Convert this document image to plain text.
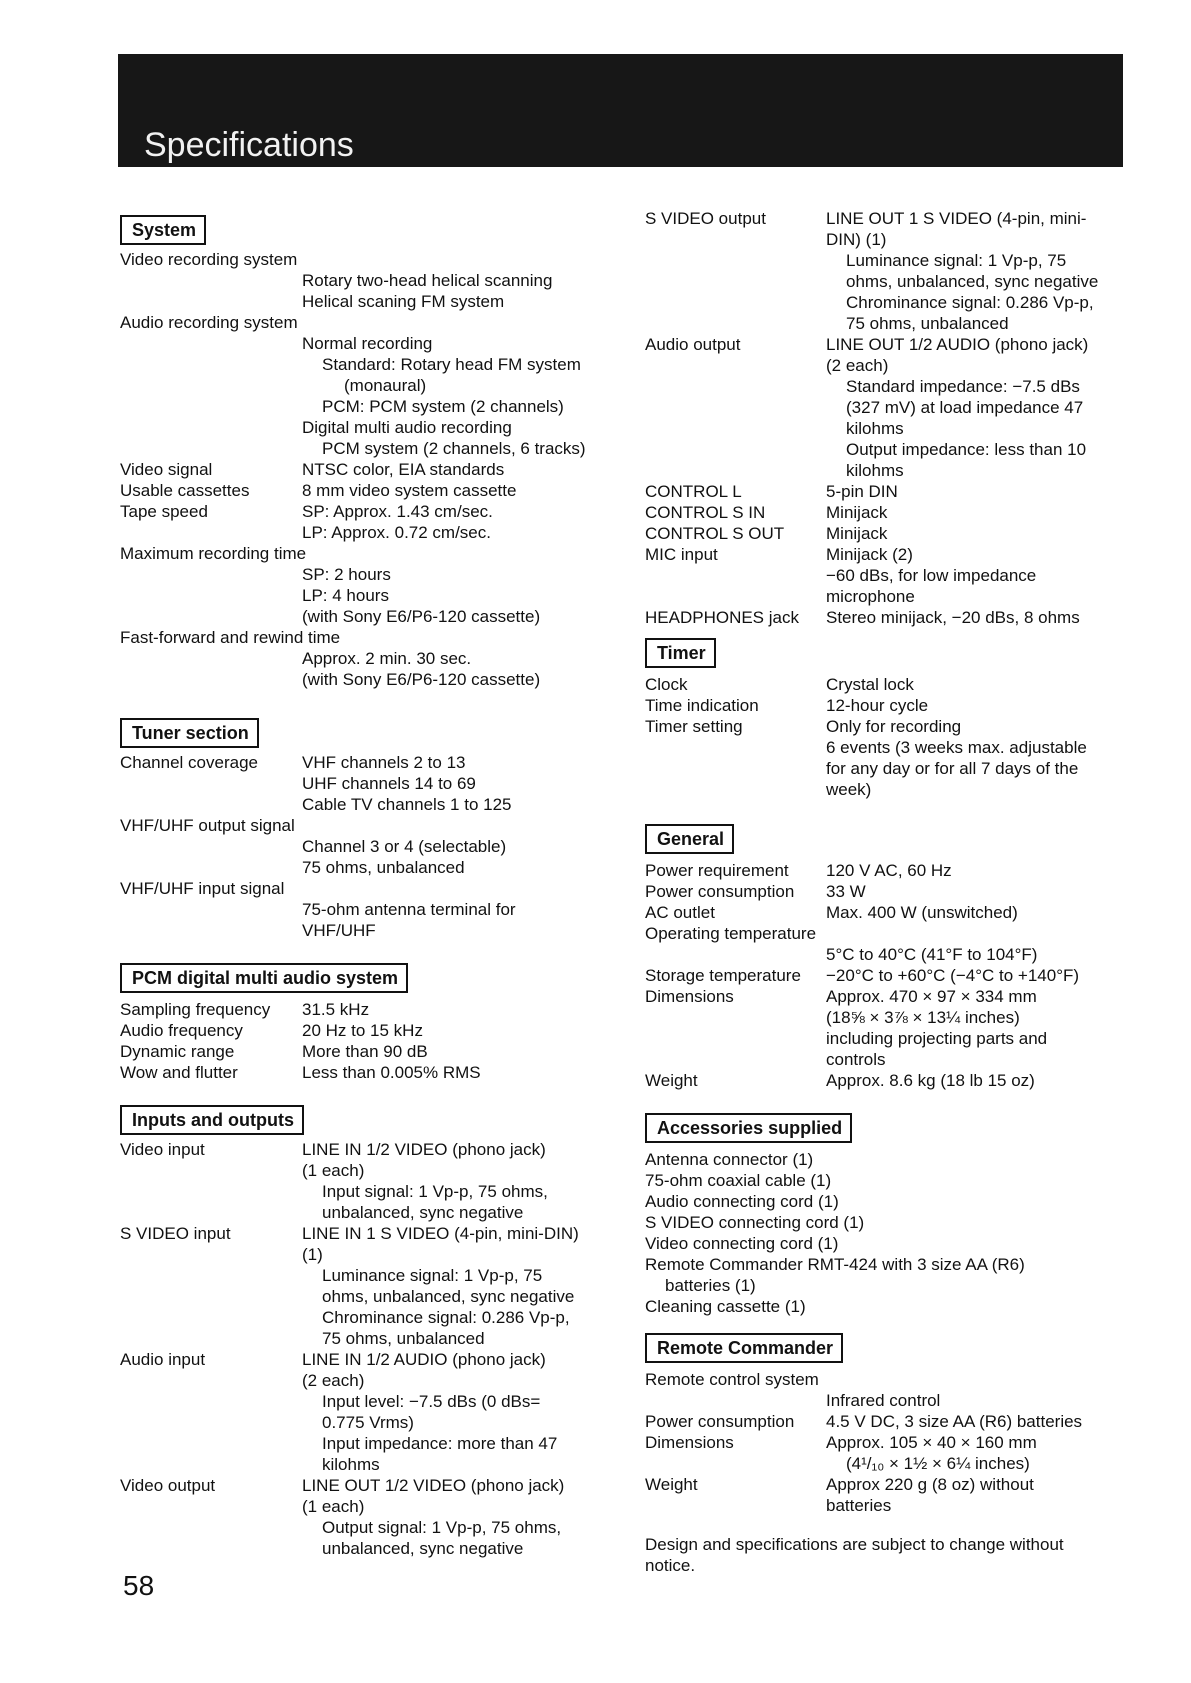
Specifications
System
Video recording system
Rotary two-head helical scanning
Helical scaning FM system
Audio recording system
Normal recording
Standard: Rotary head FM system
(monaural)
PCM: PCM system (2 channels)
Digital multi audio recording
PCM system (2 channels, 6 tracks)
Video signal	NTSC color, EIA standards
Usable cassettes	8 mm video system cassette
Tape speed	SP: Approx. 1.43 cm/sec.
LP: Approx. 0.72 cm/sec.
Maximum recording time
SP: 2 hours
LP: 4 hours
(with Sony E6/P6-120 cassette)
Fast-forward and rewind time
Approx. 2 min. 30 sec.
(with Sony E6/P6-120 cassette)
Tuner section
Channel coverage	VHF channels 2 to 13
UHF channels 14 to 69
Cable TV channels 1 to 125
VHF/UHF output signal
Channel 3 or 4 (selectable)
75 ohms, unbalanced
VHF/UHF input signal
75-ohm antenna terminal for
VHF/UHF
PCM digital multi audio system
Sampling frequency 31.5 kHz
Audio frequency	20 Hz to 15 kHz
Dynamic range	More than 90 dB
Wow and flutter	Less than 0.005% RMS
Inputs and outputs
Video input	LINE IN 1/2 VIDEO (phono jack)
(1 each)
Input signal: 1 Vp-p, 75 ohms,
unbalanced, sync negative
S VIDEO input	LINE IN 1 S VIDEO (4-pin, mini-DIN)
(1)
Luminance signal: 1 Vp-p, 75
ohms, unbalanced, sync negative
Chrominance signal: 0.286 Vp-p,
75 ohms, unbalanced
Audio input	LINE IN 1/2 AUDIO (phono jack)
(2 each)
Input level: −7.5 dBs (0 dBs=
0.775 Vrms)
Input impedance: more than 47
kilohms
Video output	LINE OUT 1/2 VIDEO (phono jack)
(1 each)
Output signal: 1 Vp-p, 75 ohms,
unbalanced, sync negative
58
S VIDEO output	LINE OUT 1 S VIDEO (4-pin, mini-
DIN) (1)
Luminance signal: 1 Vp-p, 75
ohms, unbalanced, sync negative
Chrominance signal: 0.286 Vp-p,
75 ohms, unbalanced
Audio output	LINE OUT 1/2 AUDIO (phono jack)
(2 each)
Standard impedance: −7.5 dBs
(327 mV) at load impedance 47
kilohms
Output impedance: less than 10
kilohms
CONTROL L	5-pin DIN
CONTROL S IN	Minijack
CONTROL S OUT Minijack
MIC input	Minijack (2)
−60 dBs, for low impedance
microphone
HEADPHONES jack Stereo minijack, −20 dBs, 8 ohms
Timer
Clock	Crystal lock
Time indication	12-hour cycle
Timer setting	Only for recording
6 events (3 weeks max. adjustable
for any day or for all 7 days of the
week)
General
Power requirement 120 V AC, 60 Hz
Power consumption 33 W
AC outlet	Max. 400 W (unswitched)
Operating temperature
5°C to 40°C (41°F to 104°F)
Storage temperature −20°C to +60°C (−4°C to +140°F)
Dimensions	Approx. 470 × 97 × 334 mm
(18⅝ × 3⅞ × 13¼ inches)
including projecting parts and
controls
Weight	Approx. 8.6 kg (18 lb 15 oz)
Accessories supplied
Antenna connector (1)
75-ohm coaxial cable (1)
Audio connecting cord (1)
S VIDEO connecting cord (1)
Video connecting cord (1)
Remote Commander RMT-424 with 3 size AA (R6)
batteries (1)
Cleaning cassette (1)
Remote Commander
Remote control system
Infrared control
Power consumption 4.5 V DC, 3 size AA (R6) batteries
Dimensions	Approx. 105 × 40 × 160 mm
(4¹/₁₀ × 1½ × 6¼ inches)
Weight	Approx 220 g (8 oz) without
batteries
Design and specifications are subject to change without notice.
